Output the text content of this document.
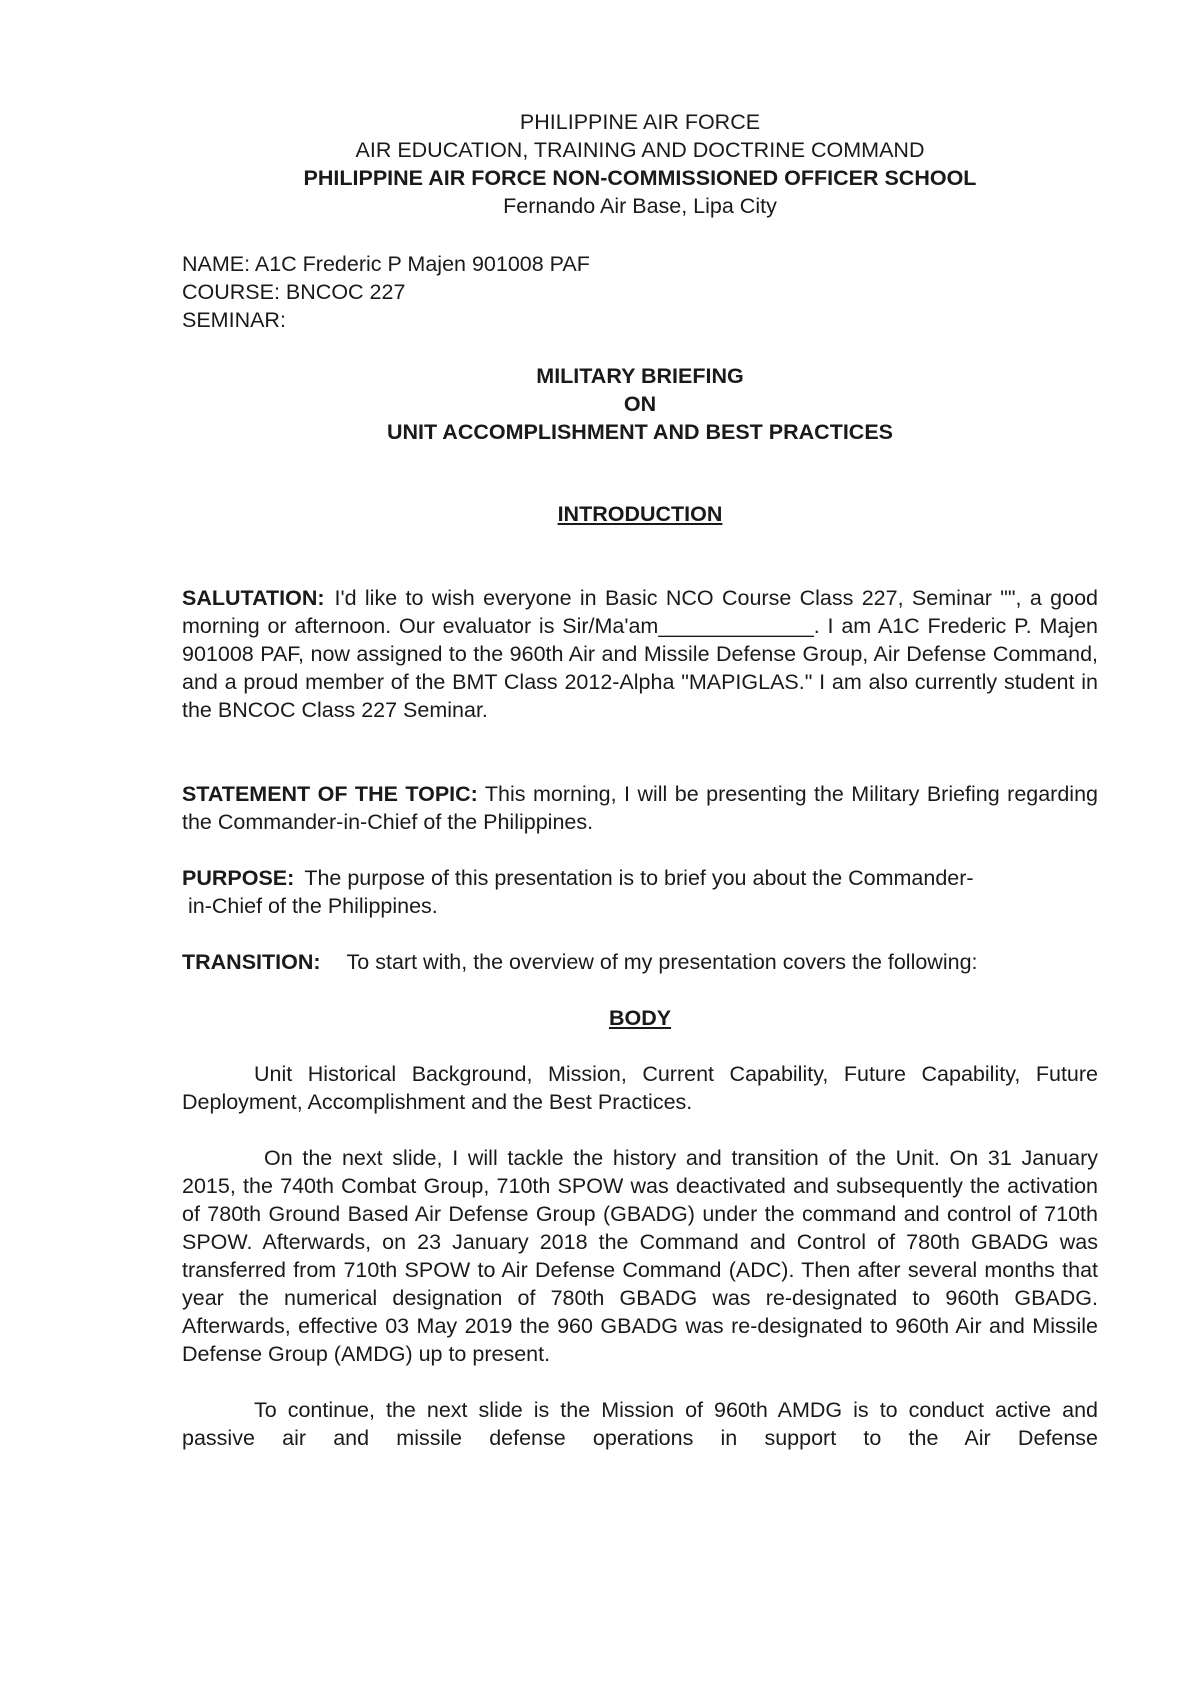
PHILIPPINE AIR FORCE
AIR EDUCATION, TRAINING AND DOCTRINE COMMAND
PHILIPPINE AIR FORCE NON-COMMISSIONED OFFICER SCHOOL
Fernando Air Base, Lipa City
NAME: A1C Frederic P Majen 901008 PAF
COURSE: BNCOC 227
SEMINAR:
MILITARY BRIEFING
ON
UNIT ACCOMPLISHMENT AND BEST PRACTICES
INTRODUCTION
SALUTATION: I'd like to wish everyone in Basic NCO Course Class 227, Seminar "", a good morning or afternoon. Our evaluator is Sir/Ma'am_____________. I am A1C Frederic P. Majen 901008 PAF, now assigned to the 960th Air and Missile Defense Group, Air Defense Command, and a proud member of the BMT Class 2012-Alpha "MAPIGLAS." I am also currently student in the BNCOC Class 227 Seminar.
STATEMENT OF THE TOPIC: This morning, I will be presenting the Military Briefing regarding the Commander-in-Chief of the Philippines.
PURPOSE: The purpose of this presentation is to brief you about the Commander-
in-Chief of the Philippines.
TRANSITION: To start with, the overview of my presentation covers the following:
BODY
Unit Historical Background, Mission, Current Capability, Future Capability, Future Deployment, Accomplishment and the Best Practices.
On the next slide, I will tackle the history and transition of the Unit. On 31 January 2015, the 740th Combat Group, 710th SPOW was deactivated and subsequently the activation of 780th Ground Based Air Defense Group (GBADG) under the command and control of 710th SPOW. Afterwards, on 23 January 2018 the Command and Control of 780th GBADG was transferred from 710th SPOW to Air Defense Command (ADC). Then after several months that year the numerical designation of 780th GBADG was re-designated to 960th GBADG. Afterwards, effective 03 May 2019 the 960 GBADG was re-designated to 960th Air and Missile Defense Group (AMDG) up to present.
To continue, the next slide is the Mission of 960th AMDG is to conduct active and passive air and missile defense operations in support to the Air Defense
